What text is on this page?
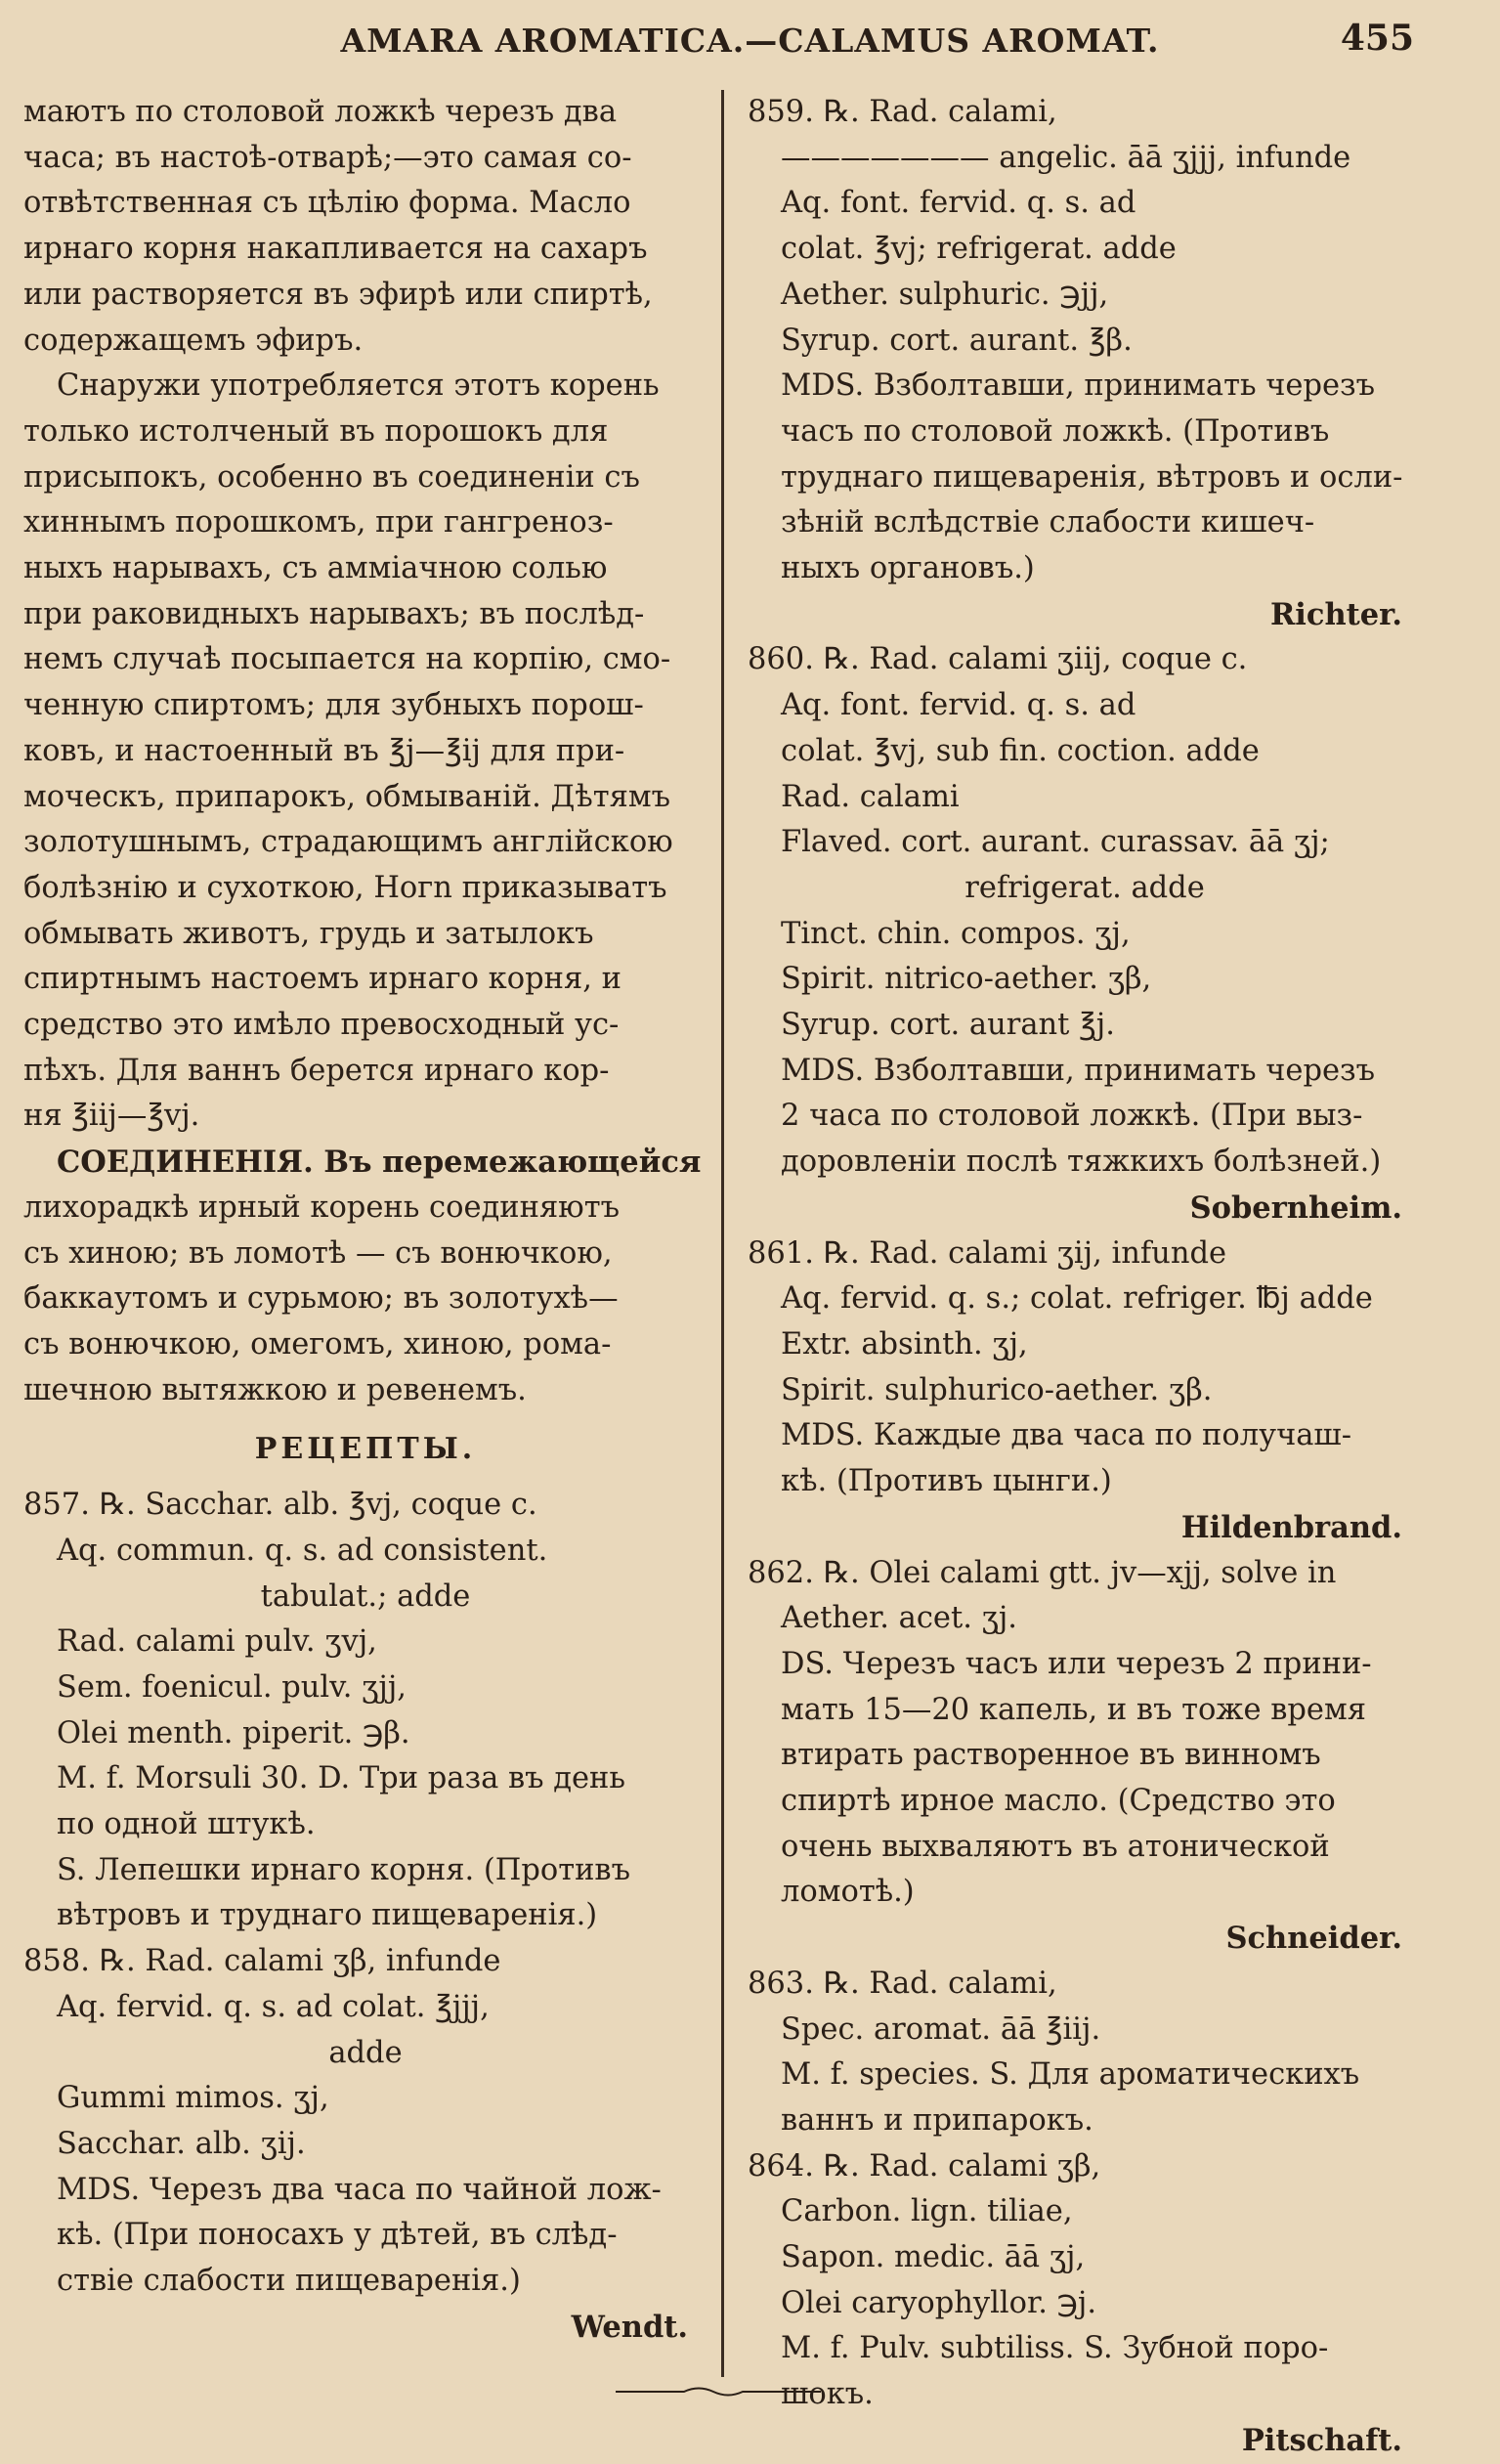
AMARA AROMATICA.—CALAMUS AROMAT.	455
маютъ по столовой ложкѣ черезъ два
часа; въ настоѣ-отварѣ;—это самая со-
отвѣтственная съ цѣлію форма. Масло
ирнаго корня накапливается на сахаръ
или растворяется въ эфирѣ или спиртѣ,
содержащемъ эфиръ.
Снаружи употребляется этотъ корень
только истолченый въ порошокъ для
присыпокъ, особенно въ соединеніи съ
хиннымъ порошкомъ, при гангреноз-
ныхъ нарывахъ, съ амміачною солью
при раковидныхъ нарывахъ; въ послѣд-
немъ случаѣ посыпается на корпію, смо-
ченную спиртомъ; для зубныхъ порош-
ковъ, и настоенный въ ℥j—℥ij для при-
моческъ, припарокъ, обмыванiй. Дѣтямъ
золотушнымъ, страдающимъ англійскою
болѣзнію и сухоткою, Hoгn приказыватъ
обмывать животъ, грудь и затылокъ
спиртнымъ настоемъ ирнаго корня, и
средство это имѣло превосходный ус-
пѣхъ. Для ваннъ берется ирнаго кор-
ня ℥iij—℥vj.
СОЕДИНЕНІЯ. Въ перемежающейся
лихорадкѣ ирный корень соединяютъ
съ хиною; въ ломотѣ — съ вонючкою,
баккаутомъ и сурьмою; въ золотухѣ—
съ вонючкою, омегомъ, хиною, рома-
шечною вытяжкою и ревенемъ.
РЕЦЕПТЫ.
857. ℞. Sacchar. alb. ℥vj, coque c.
Aq. commun. q. s. ad consistent.
tabulat.; adde
Rad. calami pulv. ʒvj,
Sem. foenicul. pulv. ʒjj,
Olei menth. piperit. ℈β.
M. f. Morsuli 30. D. Три раза въ день
по одной штукѣ.
S. Лепешки ирнаго корня. (Противъ
вѣтровъ и труднаго пищеваренія.)
858. ℞. Rad. calami ʒβ, infunde
Aq. fervid. q. s. ad colat. ℥jjj,
adde
Gummi mimos. ʒj,
Sacchar. alb. ʒij.
MDS. Черезъ два часа по чайной лож-
кѣ. (При поносахъ у дѣтей, въ слѣд-
ствіе слабости пищеваренія.)
Wendt.
859. ℞. Rad. calami,
——————— angelic. āā ʒjjj, infunde
Aq. font. fervid. q. s. ad
colat. ℥vj; refrigerat. adde
Aether. sulphuric. ℈jj,
Syrup. cort. aurant. ℥β.
MDS. Взболтавши, принимать черезъ
часъ по столовой ложкѣ. (Противъ
труднаго пищеваренія, вѣтровъ и осли-
зѣній вслѣдствіе слабости кишеч-
ныхъ органовъ.)
Richter.
860. ℞. Rad. calami ʒiij, coque c.
Aq. font. fervid. q. s. ad
colat. ℥vj, sub fin. coction. adde
Rad. calami
Flaved. cort. aurant. curassav. āā ʒj;
refrigerat. adde
Tinct. chin. compos. ʒj,
Spirit. nitrico-aether. ʒβ,
Syrup. cort. aurant ℥j.
MDS. Взболтавши, принимать черезъ
2 часа по столовой ложкѣ. (При выз-
доровленіи послѣ тяжкихъ болѣзней.)
Sobernheim.
861. ℞. Rad. calami ʒij, infunde
Aq. fervid. q. s.; colat. refriger. ℔j adde
Extr. absinth. ʒj,
Spirit. sulphurico-aether. ʒβ.
MDS. Каждые два часа по получаш-
кѣ. (Противъ цынги.)
Hildenbrand.
862. ℞. Olei calami gtt. jv—xjj, solve in
Aether. acet. ʒj.
DS. Черезъ часъ или черезъ 2 прини-
мать 15—20 капель, и въ тоже время
втирать растворенное въ винномъ
спиртѣ ирное масло. (Средство это
очень выхваляютъ въ атонической
ломотѣ.)
Schneider.
863. ℞. Rad. calami,
Spec. aromat. āā ℥iij.
M. f. species. S. Для ароматическихъ
ваннъ и припарокъ.
864. ℞. Rad. calami ʒβ,
Carbon. lign. tiliae,
Sapon. medic. āā ʒj,
Olei caryophyllor. ℈j.
M. f. Pulv. subtiliss. S. Зубной поро-
шокъ.
Pitschaft.
